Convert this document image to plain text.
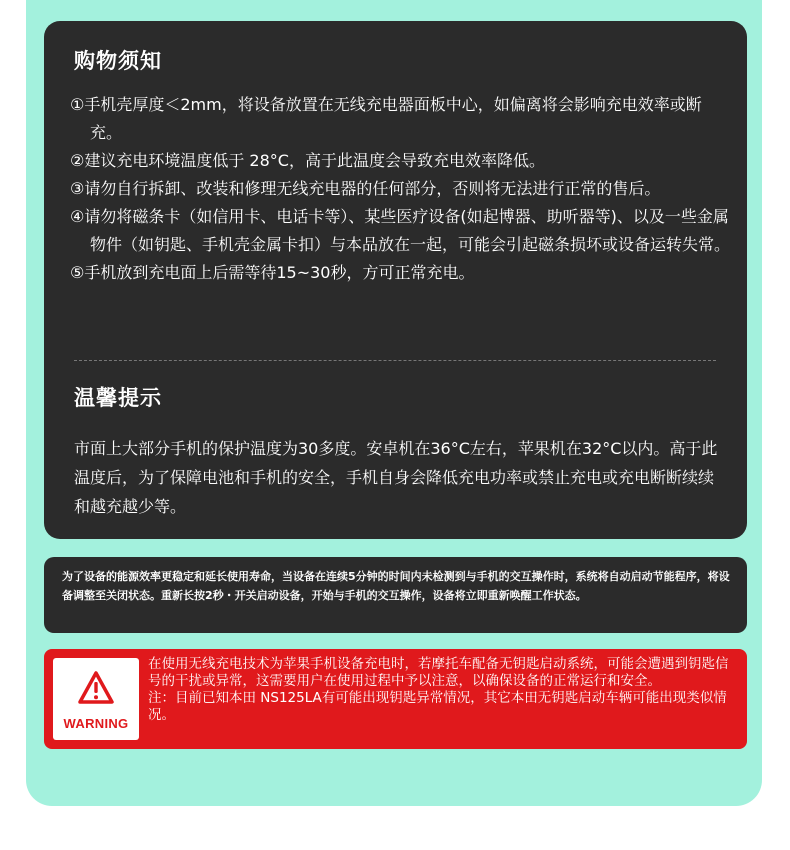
购物须知
①手机壳厚度＜2mm，将设备放置在无线充电器面板中心，如偏离将会影响充电效率或断充。
②建议充电环境温度低于 28°C，高于此温度会导致充电效率降低。
③请勿自行拆卸、改装和修理无线充电器的任何部分，否则将无法进行正常的售后。
④请勿将磁条卡（如信用卡、电话卡等）、某些医疗设备(如起博器、助听器等)、以及一些金属物件（如钥匙、手机壳金属卡扣）与本品放在一起，可能会引起磁条损坏或设备运转失常。
⑤手机放到充电面上后需等待15~30秒，方可正常充电。
温馨提示

市面上大部分手机的保护温度为30多度。安卓机在36°C左右，苹果机在32°C以内。高于此温度后，为了保障电池和手机的安全，手机自身会降低充电功率或禁止充电或充电断断续续和越充越少等。

为了设备的能源效率更稳定和延长使用寿命，当设备在连续5分钟的时间内未检测到与手机的交互操作时，系统将自动启动节能程序，将设备调整至关闭状态。重新长按2秒・开关启动设备，开始与手机的交互操作，设备将立即重新唤醒工作状态。

WARNING
在使用无线充电技术为苹果手机设备充电时，若摩托车配备无钥匙启动系统，可能会遭遇到钥匙信号的干扰或异常，这需要用户在使用过程中予以注意，以确保设备的正常运行和安全。
注：目前已知本田 NS125LA有可能出现钥匙异常情况，其它本田无钥匙启动车辆可能出现类似情况。
